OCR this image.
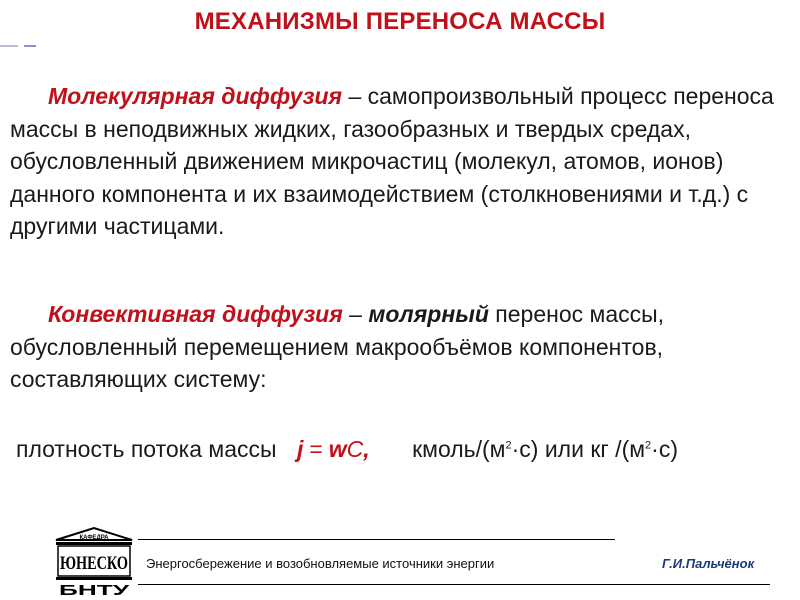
МЕХАНИЗМЫ ПЕРЕНОСА МАССЫ
Молекулярная диффузия – самопроизвольный процесс переноса массы в неподвижных жидких, газообразных и твердых средах, обусловленный движением микрочастиц (молекул, атомов, ионов) данного компонента и их взаимодействием (столкновениями и т.д.) с другими частицами.
Конвективная диффузия – молярный перенос массы, обусловленный перемещением макрообъёмов компонентов, составляющих систему:
плотность потока массы j = wC, кмоль/$(м^2\cdot с)$ или кг $/(м^2\cdot с)$
КАФЕДРА
ЮНЕСКО
БНТУ
Энергосбережение и возобновляемые источники энергии	Г.И.Пальчёнок
